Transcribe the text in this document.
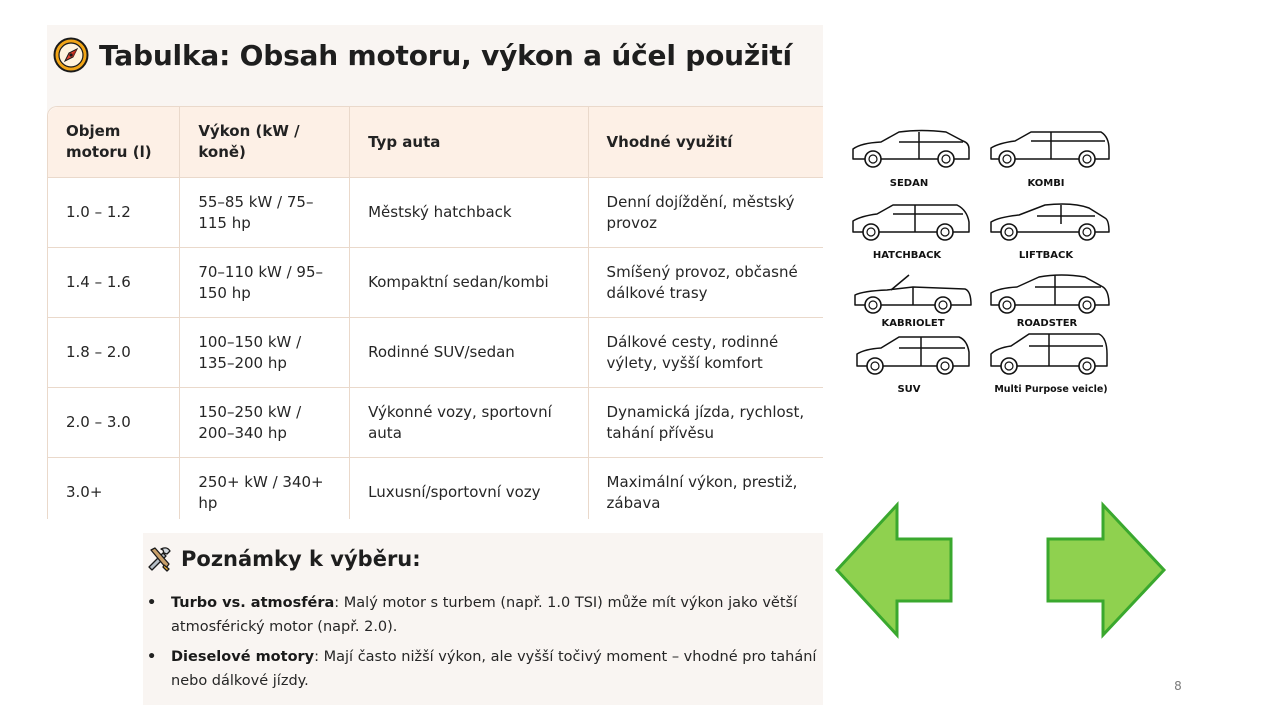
Tabulka: Obsah motoru, výkon a účel použití
Objem motoru (l)	Výkon (kW / koně)	Typ auta	Vhodné využití
1.0 – 1.2	55–85 kW / 75–115 hp	Městský hatchback	Denní dojíždění, městský provoz
1.4 – 1.6	70–110 kW / 95–150 hp	Kompaktní sedan/kombi	Smíšený provoz, občasné dálkové trasy
1.8 – 2.0	100–150 kW / 135–200 hp	Rodinné SUV/sedan	Dálkové cesty, rodinné výlety, vyšší komfort
2.0 – 3.0	150–250 kW / 200–340 hp	Výkonné vozy, sportovní auta	Dynamická jízda, rychlost, tahání přívěsu
3.0+	250+ kW / 340+ hp	Luxusní/sportovní vozy	Maximální výkon, prestiž, zábava
SEDAN	KOMBI
HATCHBACK	LIFTBACK
KABRIOLET	ROADSTER
SUV	Multi Purpose veicle)
Poznámky k výběru:
• Turbo vs. atmosféra: Malý motor s turbem (např. 1.0 TSI) může mít výkon jako větší atmosférický motor (např. 2.0).
• Dieselové motory: Mají často nižší výkon, ale vyšší točivý moment – vhodné pro tahání nebo dálkové jízdy.	8
